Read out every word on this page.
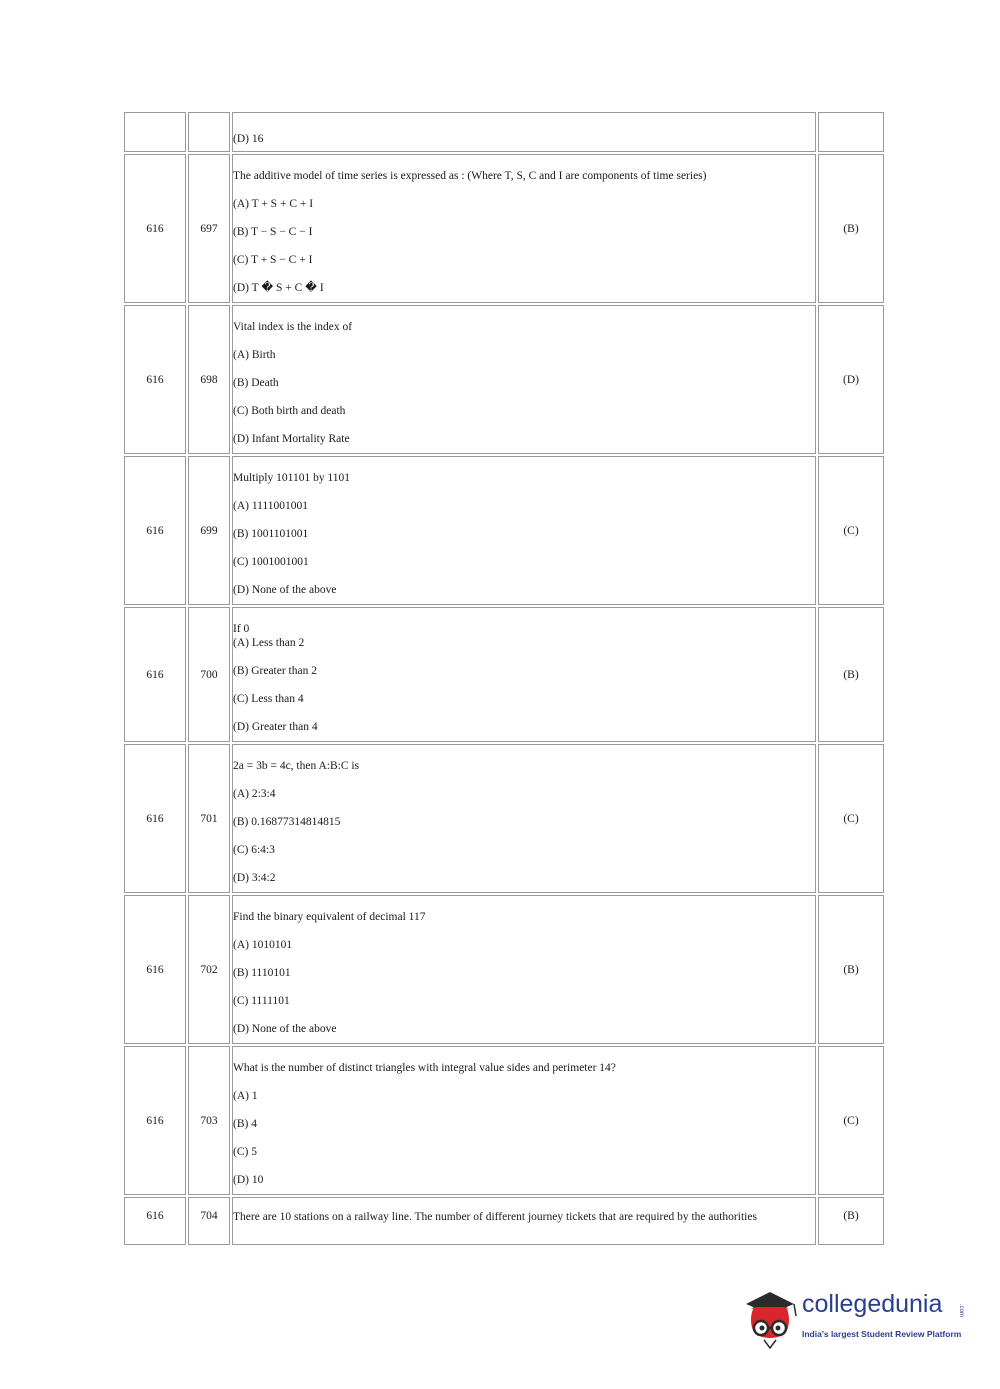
		(D) 16	

616	697	The additive model of time series is expressed as : (Where T, S, C and I are components of time series)
(A) T + S + C + I
(B) T − S − C − I
(C) T + S − C + I
(D) T � S + C � I	(B)
616	698	Vital index is the index of
(A) Birth
(B) Death
(C) Both birth and death
(D) Infant Mortality Rate	(D)
616	699	Multiply 101101 by 1101
(A) 1111001001
(B) 1001101001
(C) 1001001001
(D) None of the above	(C)
616	700	If 0
(A) Less than 2
(B) Greater than 2
(C) Less than 4
(D) Greater than 4	(B)
616	701	2a = 3b = 4c, then A:B:C is
(A) 2:3:4
(B) 0.16877314814815
(C) 6:4:3
(D) 3:4:2	(C)
616	702	Find the binary equivalent of decimal 117
(A) 1010101
(B) 1110101
(C) 1111101
(D) None of the above	(B)
616	703	What is the number of distinct triangles with integral value sides and perimeter 14?
(A) 1
(B) 4
(C) 5
(D) 10	(C)
616	704	There are 10 stations on a railway line. The number of different journey tickets that are required by the authorities	(B)
collegedunia	.com
India's largest Student Review Platform
